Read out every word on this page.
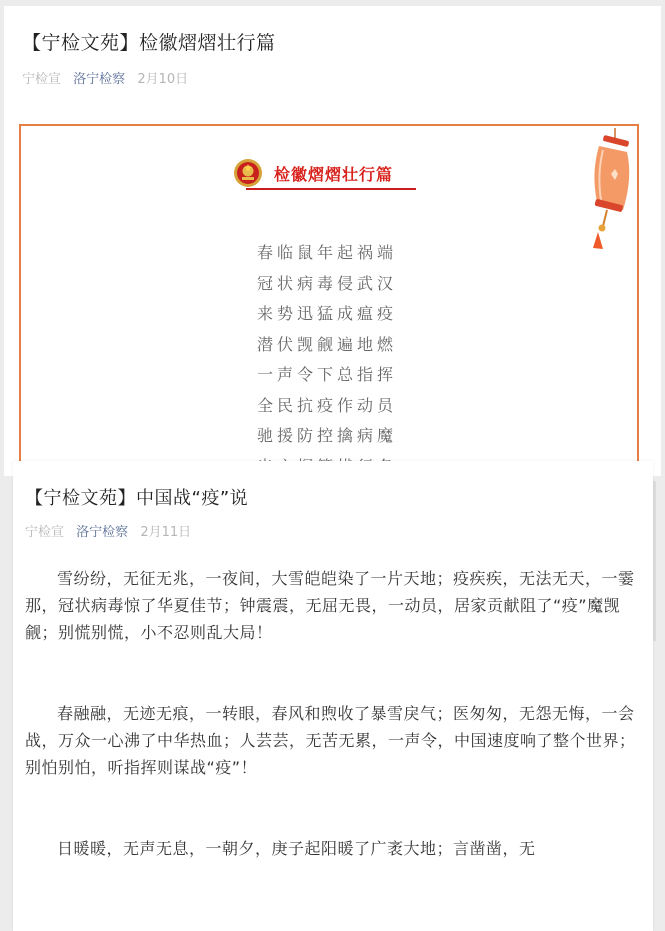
【宁检文苑】检徽熠熠壮行篇
宁检宣 洛宁检察 2月10日
检徽熠熠壮行篇
春临鼠年起祸端
冠状病毒侵武汉
来势迅猛成瘟疫
潜伏觊觎遍地燃
一声令下总指挥
全民抗疫作动员
驰援防控擒病魔
【宁检文苑】中国战“疫”说
宁检宣 洛宁检察 2月11日

雪纷纷，无征无兆，一夜间，大雪皑皑染了一片天地；疫疾疾，无法无天，一霎那，冠状病毒惊了华夏佳节；钟震震，无屈无畏，一动员，居家贡献阻了“疫”魔觊觎；别慌别慌，小不忍则乱大局！

春融融，无迹无痕，一转眼，春风和煦收了暴雪戾气；医匆匆，无怨无悔，一会战，万众一心沸了中华热血；人芸芸，无苦无累，一声令，中国速度响了整个世界；别怕别怕，听指挥则谋战“疫”！

日暖暖，无声无息，一朝夕，庚子起阳暖了广袤大地；言凿凿，无
